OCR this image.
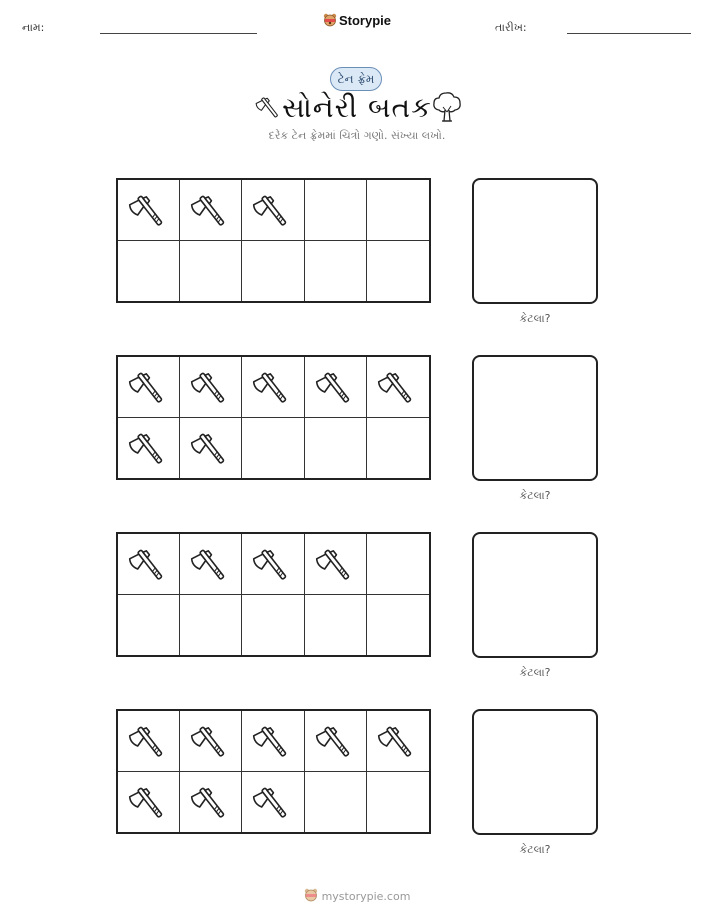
નામ:	Storypie	તારીખ:
ટેન ફ્રેમ
સોનેરી બતક
દરેક ટેન ફ્રેમમાં ચિત્રો ગણો. સંખ્યા લખો.
કેટલા?
કેટલા?
કેટલા?
કેટલા?
mystorypie.com
